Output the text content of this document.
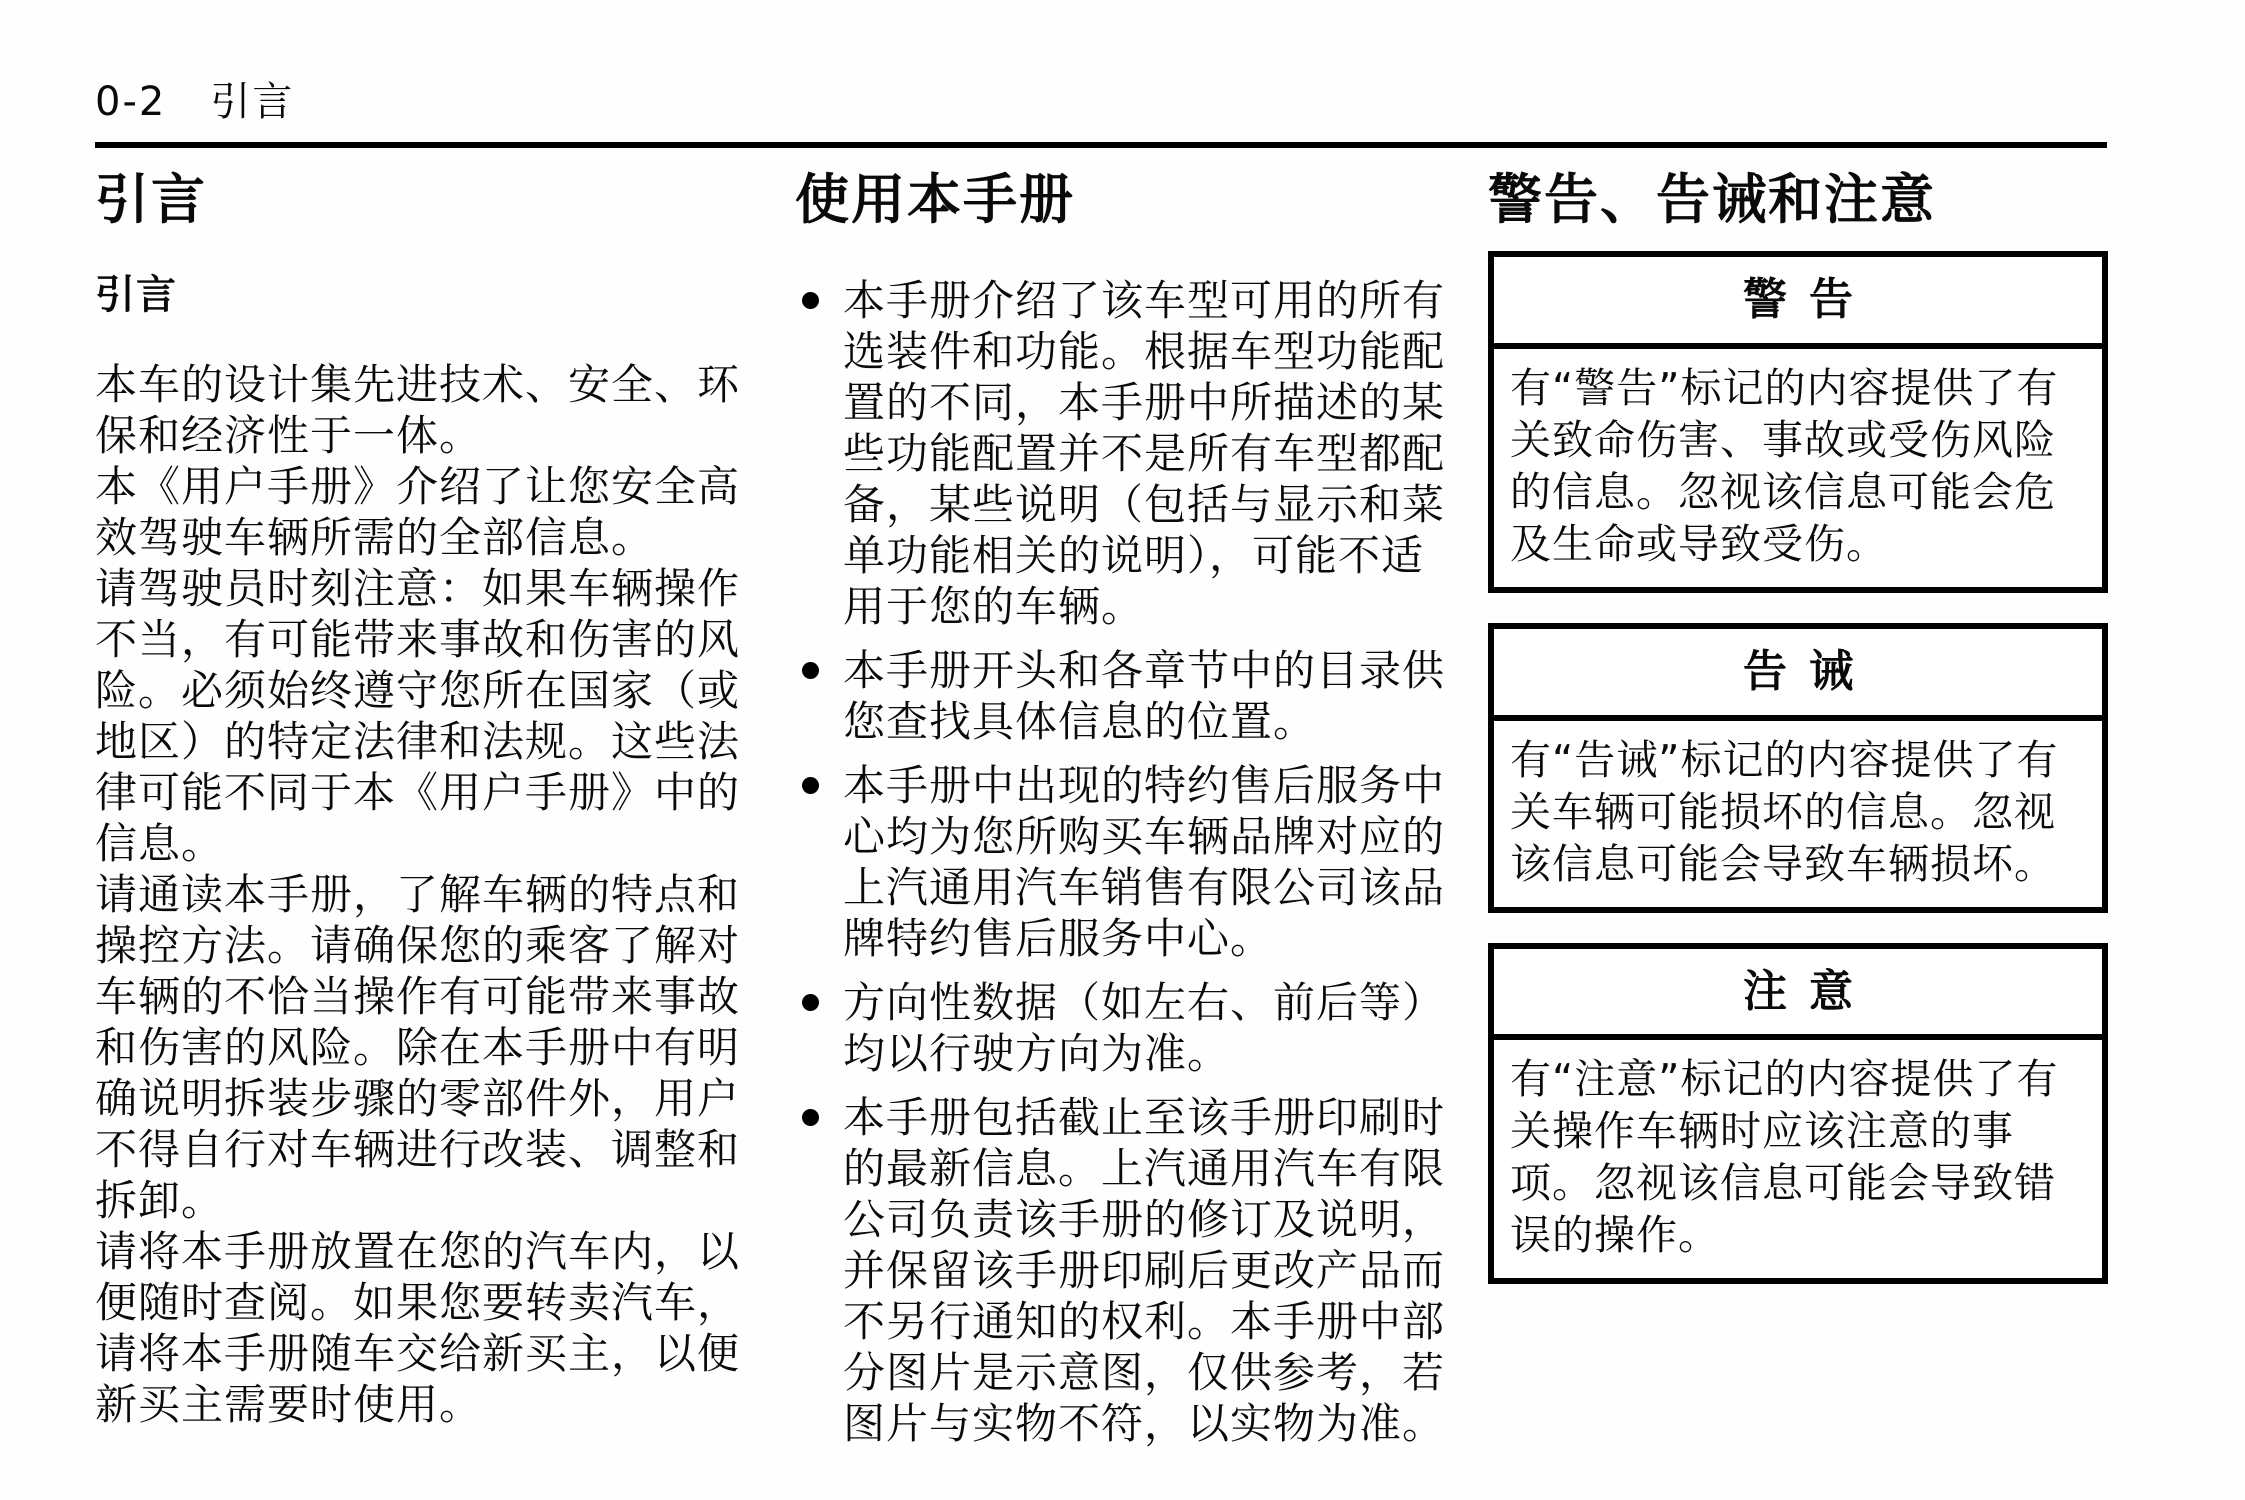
0-2 引言
引言
引言

本车的设计集先进技术、安全、环保和经济性于一体。

本《用户手册》介绍了让您安全高效驾驶车辆所需的全部信息。

请驾驶员时刻注意：如果车辆操作不当，有可能带来事故和伤害的风险。必须始终遵守您所在国家（或地区）的特定法律和法规。这些法律可能不同于本《用户手册》中的信息。

请通读本手册，了解车辆的特点和操控方法。请确保您的乘客了解对车辆的不恰当操作有可能带来事故和伤害的风险。除在本手册中有明确说明拆装步骤的零部件外，用户不得自行对车辆进行改装、调整和拆卸。

请将本手册放置在您的汽车内，以便随时查阅。如果您要转卖汽车，请将本手册随车交给新买主，以便新买主需要时使用。

使用本手册
本手册介绍了该车型可用的所有选装件和功能。根据车型功能配置的不同，本手册中所描述的某些功能配置并不是所有车型都配备，某些说明（包括与显示和菜单功能相关的说明），可能不适用于您的车辆。
本手册开头和各章节中的目录供您查找具体信息的位置。
本手册中出现的特约售后服务中心均为您所购买车辆品牌对应的上汽通用汽车销售有限公司该品牌特约售后服务中心。
方向性数据（如左右、前后等）均以行驶方向为准。
本手册包括截止至该手册印刷时的最新信息。上汽通用汽车有限公司负责该手册的修订及说明，并保留该手册印刷后更改产品而不另行通知的权利。本手册中部分图片是示意图，仅供参考，若图片与实物不符，以实物为准。
警告、告诫和注意
警告
有“警告”标记的内容提供了有关致命伤害、事故或受伤风险的信息。忽视该信息可能会危及生命或导致受伤。
告诫
有“告诫”标记的内容提供了有关车辆可能损坏的信息。忽视该信息可能会导致车辆损坏。
注意
有“注意”标记的内容提供了有关操作车辆时应该注意的事项。忽视该信息可能会导致错误的操作。
